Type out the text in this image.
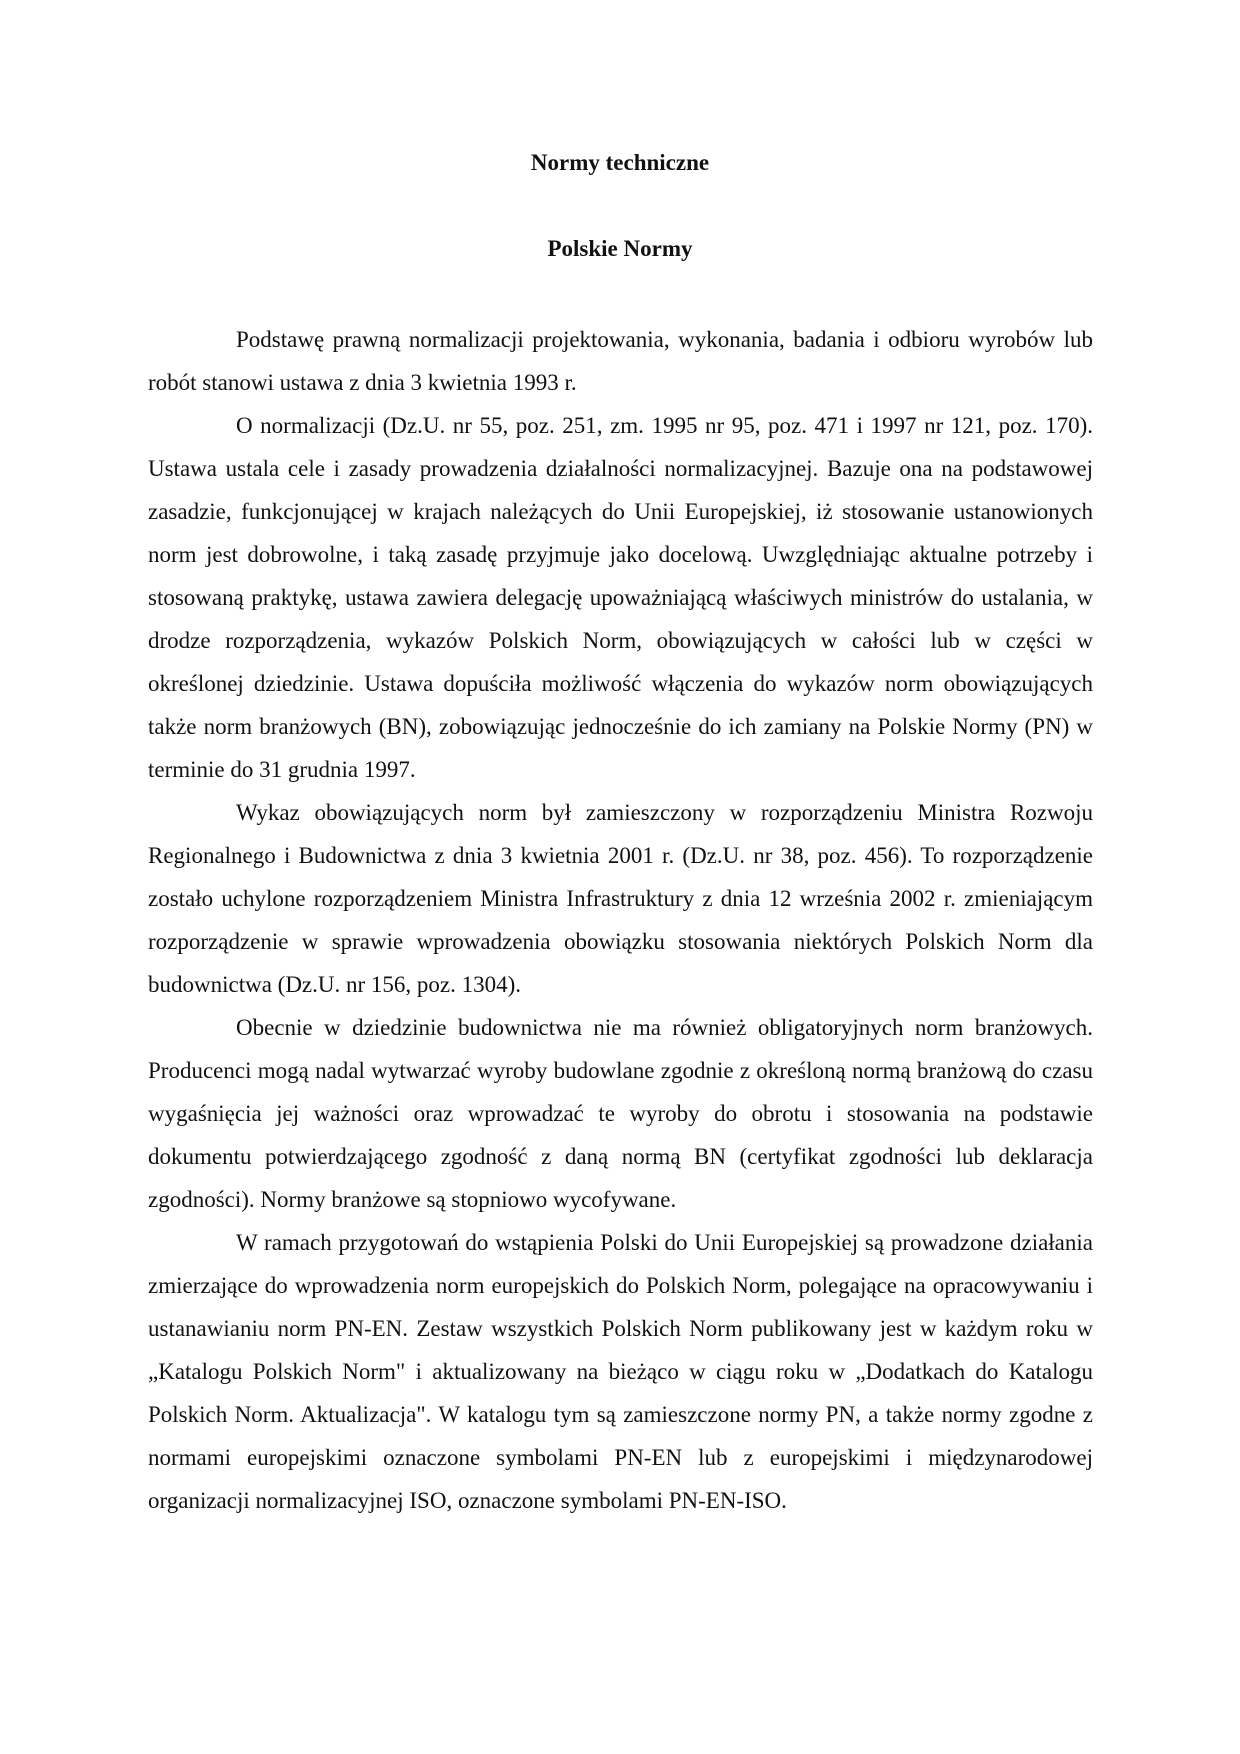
Normy techniczne
Polskie Normy

Podstawę prawną normalizacji projektowania, wykonania, badania i odbioru wyrobów lub robót stanowi ustawa z dnia 3 kwietnia 1993 r.

O normalizacji (Dz.U. nr 55, poz. 251, zm. 1995 nr 95, poz. 471 i 1997 nr 121, poz. 170). Ustawa ustala cele i zasady prowadzenia działalności normalizacyjnej. Bazuje ona na podstawowej zasadzie, funkcjonującej w krajach należących do Unii Europejskiej, iż stosowanie ustanowionych norm jest dobrowolne, i taką zasadę przyjmuje jako docelową. Uwzględniając aktualne potrzeby i stosowaną praktykę, ustawa zawiera delegację upoważniającą właściwych ministrów do ustalania, w drodze rozporządzenia, wykazów Polskich Norm, obowiązujących w całości lub w części w określonej dziedzinie. Ustawa dopuściła możliwość włączenia do wykazów norm obowiązujących także norm branżowych (BN), zobowiązując jednocześnie do ich zamiany na Polskie Normy (PN) w terminie do 31 grudnia 1997.

Wykaz obowiązujących norm był zamieszczony w rozporządzeniu Ministra Rozwoju Regionalnego i Budownictwa z dnia 3 kwietnia 2001 r. (Dz.U. nr 38, poz. 456). To rozporządzenie zostało uchylone rozporządzeniem Ministra Infrastruktury z dnia 12 września 2002 r. zmieniającym rozporządzenie w sprawie wprowadzenia obowiązku stosowania niektórych Polskich Norm dla budownictwa (Dz.U. nr 156, poz. 1304).

Obecnie w dziedzinie budownictwa nie ma również obligatoryjnych norm branżowych. Producenci mogą nadal wytwarzać wyroby budowlane zgodnie z określoną normą branżową do czasu wygaśnięcia jej ważności oraz wprowadzać te wyroby do obrotu i stosowania na podstawie dokumentu potwierdzającego zgodność z daną normą BN (certyfikat zgodności lub deklaracja zgodności). Normy branżowe są stopniowo wycofywane.

W ramach przygotowań do wstąpienia Polski do Unii Europejskiej są prowadzone działania zmierzające do wprowadzenia norm europejskich do Polskich Norm, polegające na opracowywaniu i ustanawianiu norm PN-EN. Zestaw wszystkich Polskich Norm publikowany jest w każdym roku w „Katalogu Polskich Norm" i aktualizowany na bieżąco w ciągu roku w „Dodatkach do Katalogu Polskich Norm. Aktualizacja". W katalogu tym są zamieszczone normy PN, a także normy zgodne z normami europejskimi oznaczone symbolami PN-EN lub z europejskimi i międzynarodowej organizacji normalizacyjnej ISO, oznaczone symbolami PN-EN-ISO.
